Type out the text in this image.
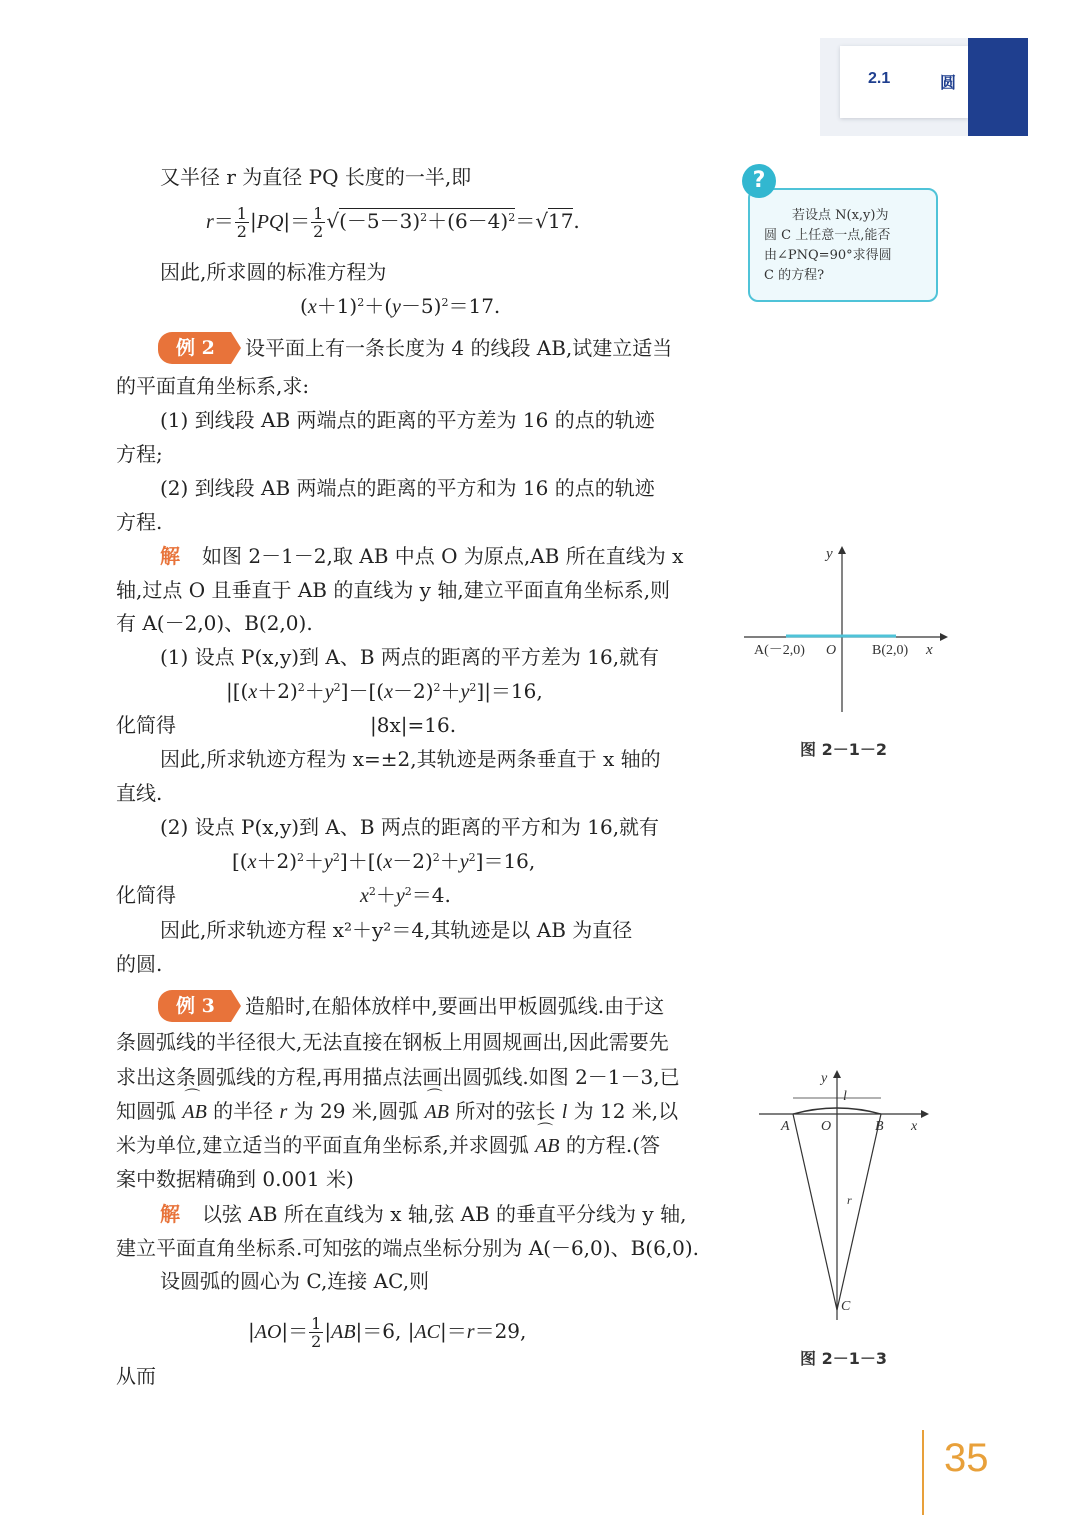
2.1	圆
?
若设点 N(x,y)为
圆 C 上任意一点,能否
由∠PNQ=90°求得圆
C 的方程?
又半径 r 为直径 PQ 长度的一半,即
$r= \frac{1}{2} |PQ|= \frac{1}{2} √(-5-3)^2+(6-4)^2=√17$.
因此,所求圆的标准方程为
$(x+1)^2+(y-5)^2=17$.
例 2	设平面上有一条长度为 4 的线段 AB,试建立适当
的平面直角坐标系,求:
(1) 到线段 AB 两端点的距离的平方差为 16 的点的轨迹
方程;
(2) 到线段 AB 两端点的距离的平方和为 16 的点的轨迹
方程.
解 如图 2－1－2,取 AB 中点 O 为原点,AB 所在直线为 x
轴,过点 O 且垂直于 AB 的直线为 y 轴,建立平面直角坐标系,则
有 A(－2,0)、B(2,0).
(1) 设点 P(x,y)到 A、B 两点的距离的平方差为 16,就有
$|[(x+2)^2+y^2]-[(x-2)^2+y^2]|=16$,
化简得	|8x|=16.
因此,所求轨迹方程为 x=±2,其轨迹是两条垂直于 x 轴的
直线.
(2) 设点 P(x,y)到 A、B 两点的距离的平方和为 16,就有
$[(x+2)^2+y^2]+[(x-2)^2+y^2]=16$,
化简得	$x^2+y^2=4$.
因此,所求轨迹方程 x²＋y²＝4,其轨迹是以 AB 为直径
的圆.
例 3	造船时,在船体放样中,要画出甲板圆弧线.由于这
条圆弧线的半径很大,无法直接在钢板上用圆规画出,因此需要先
求出这条圆弧线的方程,再用描点法画出圆弧线.如图 2－1－3,已
知圆弧 ⌒ AB 的半径 r 为 29 米,圆弧 ⌒ AB 所对的弦长 l 为 12 米,以
米为单位,建立适当的平面直角坐标系,并求圆弧 ⌒ AB 的方程.(答
案中数据精确到 0.001 米)
解 以弦 AB 所在直线为 x 轴,弦 AB 的垂直平分线为 y 轴,
建立平面直角坐标系.可知弦的端点坐标分别为 A(－6,0)、B(6,0).
设圆弧的圆心为 C,连接 AC,则
$|AO|= \frac{1}{2} |AB|=6$, |AC|＝r＝29,
从而
y
A(－2,0) O	B(2,0) x
图 2－1－2
y
l
A O	B x
r
C
图 2－1－3
35
